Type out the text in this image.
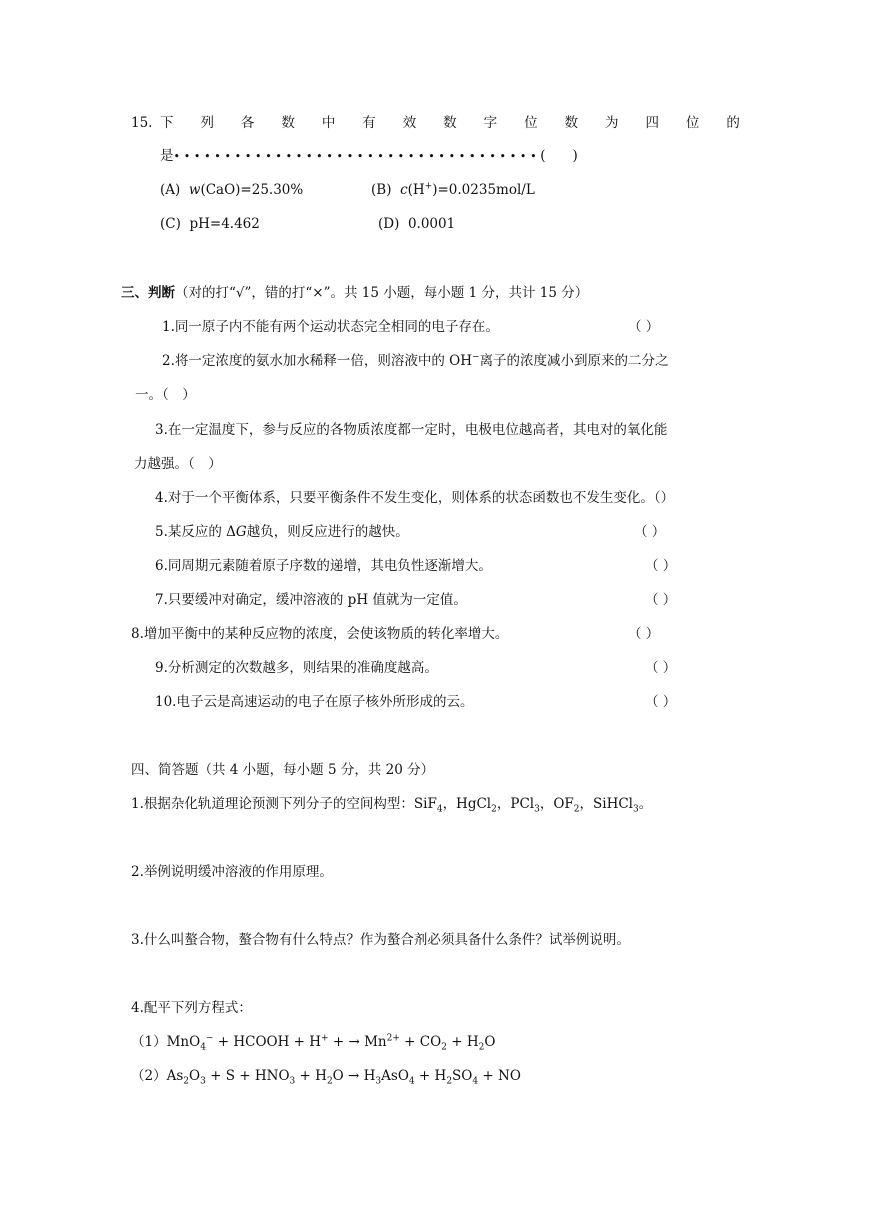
15. 下 列 各 数 中 有 效 数 字 位 数 为 四 位 的
是••••••••••••••••••••••••••••••••••••(　　)
(A) w(CaO)=25.30%	(B) c(H+)=0.0235mol/L
(C) pH=4.462	(D) 0.0001
三、判断（对的打“√”，错的打“×”。共 15 小题，每小题 1 分，共计 15 分）
1.同一原子内不能有两个运动状态完全相同的电子存在。	（ ）
2.将一定浓度的氨水加水稀释一倍，则溶液中的 OH−离子的浓度减小到原来的二分之
一。（　）
3.在一定温度下，参与反应的各物质浓度都一定时，电极电位越高者，其电对的氧化能
力越强。（　）
4.对于一个平衡体系，只要平衡条件不发生变化，则体系的状态函数也不发生变化。（）
5.某反应的 ΔG越负，则反应进行的越快。	（ ）
6.同周期元素随着原子序数的递增，其电负性逐渐增大。	（ ）
7.只要缓冲对确定，缓冲溶液的 pH 值就为一定值。	（ ）
8.增加平衡中的某种反应物的浓度，会使该物质的转化率增大。	（ ）
9.分析测定的次数越多，则结果的准确度越高。	（ ）
10.电子云是高速运动的电子在原子核外所形成的云。	（ ）
四、简答题（共 4 小题，每小题 5 分，共 20 分）
1.根据杂化轨道理论预测下列分子的空间构型：SiF$_4$，HgCl$_2$，PCl$_3$，$OF_2$，SiHCl$_3$。
2.举例说明缓冲溶液的作用原理。
3.什么叫螯合物，螯合物有什么特点？作为螯合剂必须具备什么条件？试举例说明。
4.配平下列方程式：
（1）MnO$_4$− + HCOOH + H+ + → $Mn^{2+} + CO_2 + H_2O$
$(2)As_2O_3 + S + HNO_3 + H_2O \to H_3AsO_4 + H_2SO_4$ + NO
